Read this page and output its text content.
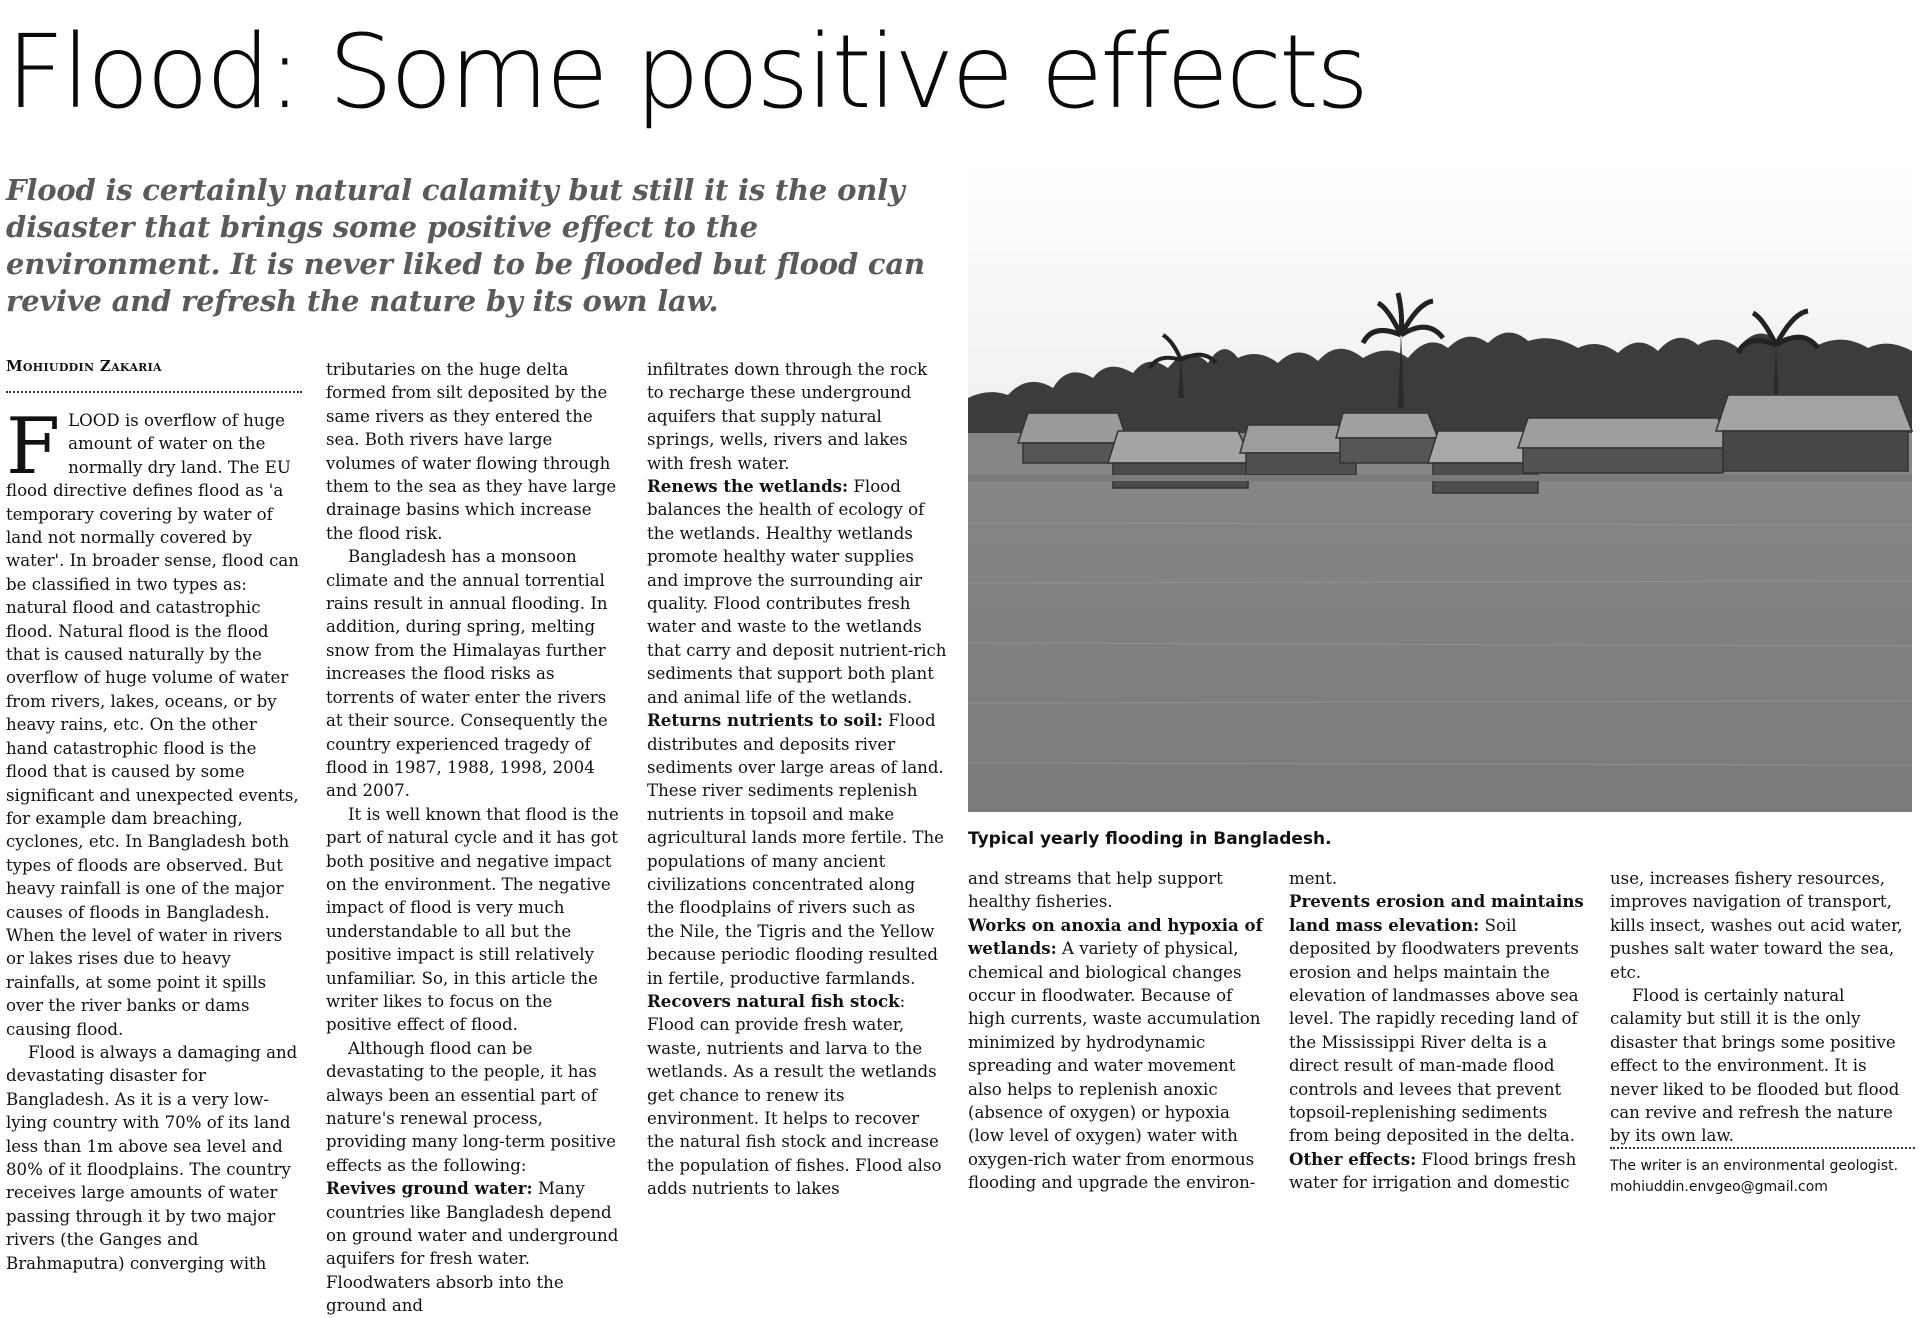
Flood: Some positive effects
Flood is certainly natural calamity but still it is the only disaster that brings some positive effect to the environment. It is never liked to be flooded but flood can revive and refresh the nature by its own law.
Mohiuddin Zakaria

FLOOD is overflow of huge amount of water on the normally dry land. The EU flood directive defines flood as 'a temporary covering by water of land not normally covered by water'. In broader sense, flood can be classified in two types as: natural flood and catastrophic flood. Natural flood is the flood that is caused naturally by the overflow of huge volume of water from rivers, lakes, oceans, or by heavy rains, etc. On the other hand catastrophic flood is the flood that is caused by some significant and unexpected events, for example dam breaching, cyclones, etc. In Bangladesh both types of floods are observed. But heavy rainfall is one of the major causes of floods in Bangladesh. When the level of water in rivers or lakes rises due to heavy rainfalls, at some point it spills over the river banks or dams causing flood.

Flood is always a damaging and devastating disaster for Bangladesh. As it is a very low-lying country with 70% of its land less than 1m above sea level and 80% of it floodplains. The country receives large amounts of water passing through it by two major rivers (the Ganges and Brahmaputra) converging with

tributaries on the huge delta formed from silt deposited by the same rivers as they entered the sea. Both rivers have large volumes of water flowing through them to the sea as they have large drainage basins which increase the flood risk.

Bangladesh has a monsoon climate and the annual torrential rains result in annual flooding. In addition, during spring, melting snow from the Himalayas further increases the flood risks as torrents of water enter the rivers at their source. Consequently the country experienced tragedy of flood in 1987, 1988, 1998, 2004 and 2007.

It is well known that flood is the part of natural cycle and it has got both positive and negative impact on the environment. The negative impact of flood is very much understandable to all but the positive impact is still relatively unfamiliar. So, in this article the writer likes to focus on the positive effect of flood.

Although flood can be devastating to the people, it has always been an essential part of nature's renewal process, providing many long-term positive effects as the following:

Revives ground water: Many countries like Bangladesh depend on ground water and underground aquifers for fresh water. Floodwaters absorb into the ground and

infiltrates down through the rock to recharge these underground aquifers that supply natural springs, wells, rivers and lakes with fresh water.

Renews the wetlands: Flood balances the health of ecology of the wetlands. Healthy wetlands promote healthy water supplies and improve the surrounding air quality. Flood contributes fresh water and waste to the wetlands that carry and deposit nutrient-rich sediments that support both plant and animal life of the wetlands.

Returns nutrients to soil: Flood distributes and deposits river sediments over large areas of land. These river sediments replenish nutrients in topsoil and make agricultural lands more fertile. The populations of many ancient civilizations concentrated along the floodplains of rivers such as the Nile, the Tigris and the Yellow because periodic flooding resulted in fertile, productive farmlands.

Recovers natural fish stock: Flood can provide fresh water, waste, nutrients and larva to the wetlands. As a result the wetlands get chance to renew its environment. It helps to recover the natural fish stock and increase the population of fishes. Flood also adds nutrients to lakes

Typical yearly flooding in Bangladesh.

and streams that help support healthy fisheries.

Works on anoxia and hypoxia of wetlands: A variety of physical, chemical and biological changes occur in floodwater. Because of high currents, waste accumulation minimized by hydrodynamic spreading and water movement also helps to replenish anoxic (absence of oxygen) or hypoxia (low level of oxygen) water with oxygen-rich water from enormous flooding and upgrade the environ-

ment.

Prevents erosion and maintains land mass elevation: Soil deposited by floodwaters prevents erosion and helps maintain the elevation of landmasses above sea level. The rapidly receding land of the Mississippi River delta is a direct result of man-made flood controls and levees that prevent topsoil-replenishing sediments from being deposited in the delta.

Other effects: Flood brings fresh water for irrigation and domestic

use, increases fishery resources, improves navigation of transport, kills insect, washes out acid water, pushes salt water toward the sea, etc.

Flood is certainly natural calamity but still it is the only disaster that brings some positive effect to the environment. It is never liked to be flooded but flood can revive and refresh the nature by its own law.

The writer is an environmental geologist.
mohiuddin.envgeo@gmail.com
